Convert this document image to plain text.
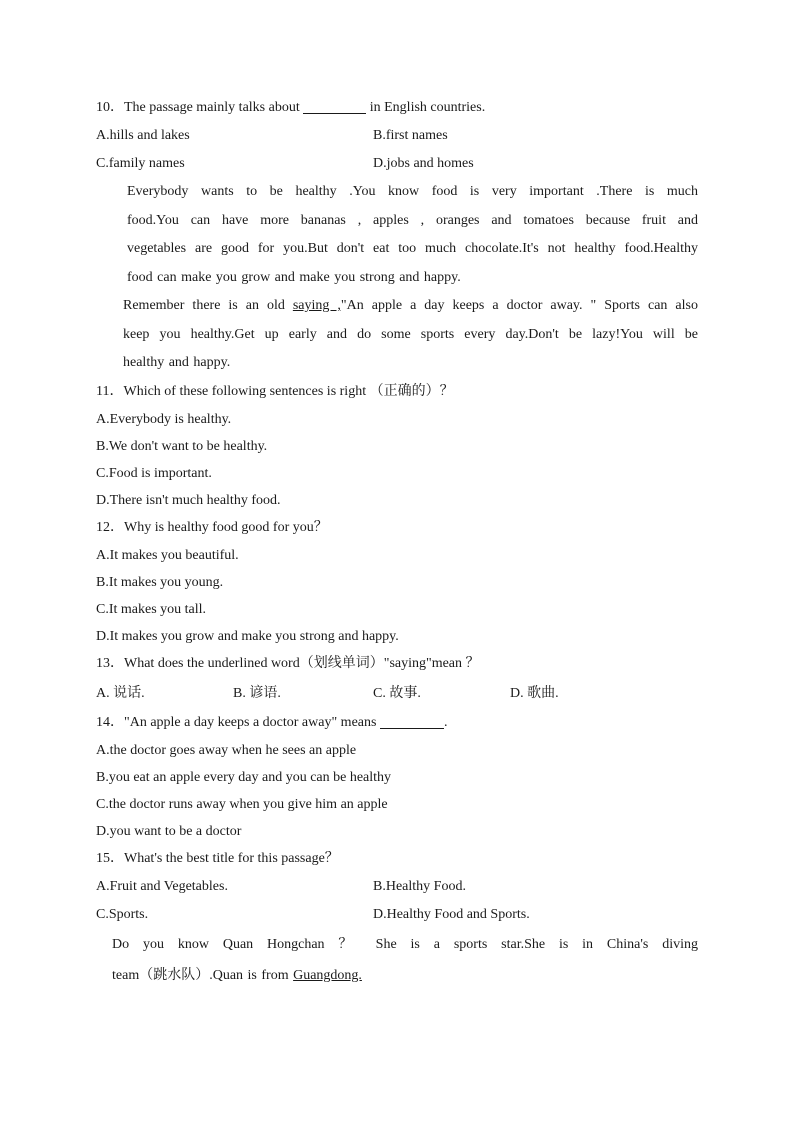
10．The passage mainly talks about	in English countries.
A.hills and lakes	B.first names
C.family names	D.jobs and homes
Everybody wants to be healthy .You know food is very important .There is much
food.You can have more bananas , apples , oranges and tomatoes because fruit and
vegetables are good for you.But don't eat too much chocolate.It's not healthy food.Healthy
food can make you grow and make you strong and happy.
Remember there is an old saying ,"An apple a day keeps a doctor away. " Sports can also
keep you healthy.Get up early and do some sports every day.Don't be lazy!You will be
healthy and happy.
11．Which of these following sentences is right （正确的）？
A.Everybody is healthy.
B.We don't want to be healthy.
C.Food is important.
D.There isn't much healthy food.
12．Why is healthy food good for you？
A.It makes you beautiful.
B.It makes you young.
C.It makes you tall.
D.It makes you grow and make you strong and happy.
13．What does the underlined word（划线单词）"saying"mean ？
A. 说话.	B. 谚语.	C. 故事.	D. 歌曲.
14．"An apple a day keeps a doctor away" means	.
A.the doctor goes away when he sees an apple
B.you eat an apple every day and you can be healthy
C.the doctor runs away when you give him an apple
D.you want to be a doctor
15．What's the best title for this passage？
A.Fruit and Vegetables.	B.Healthy Food.
C.Sports.	D.Healthy Food and Sports.
Do you know Quan Hongchan ？ She is a sports star.She is in China's diving
team（跳水队）.Quan is from Guangdong.
